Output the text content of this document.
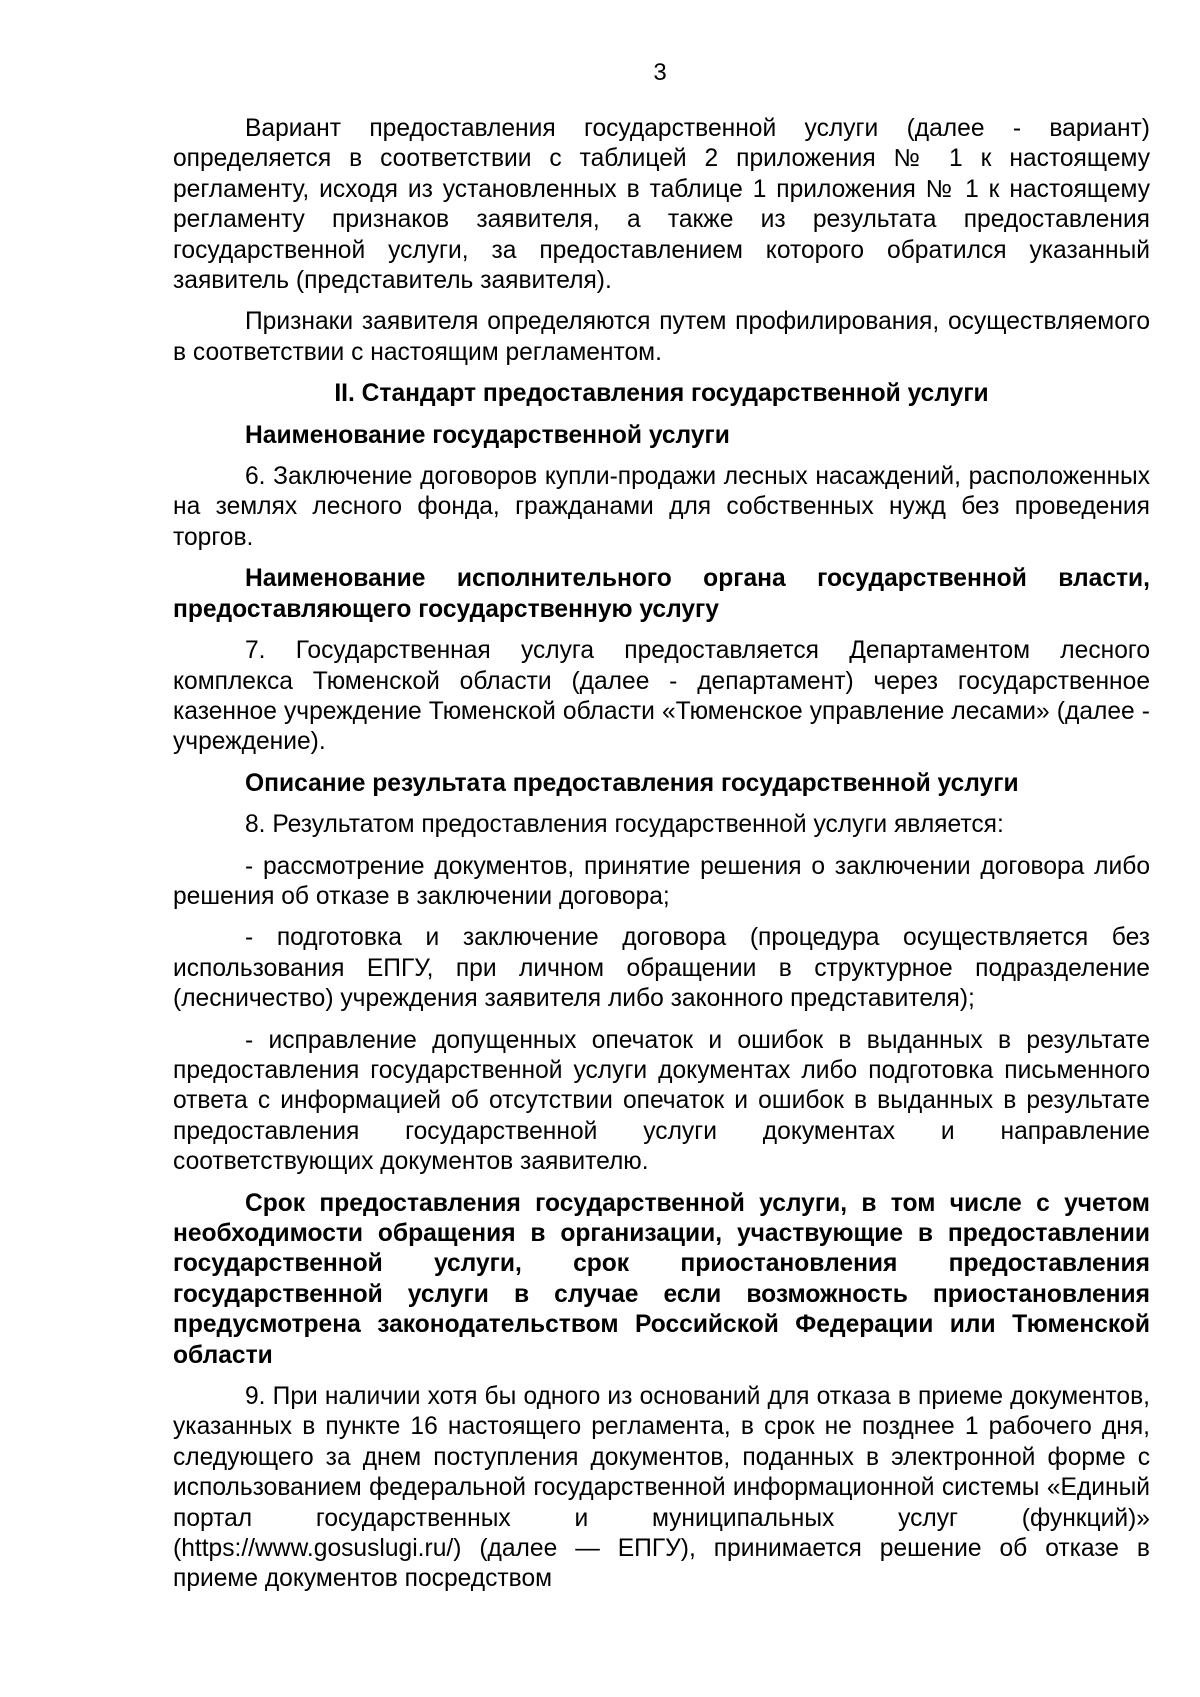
3

Вариант предоставления государственной услуги (далее - вариант) определяется в соответствии с таблицей 2 приложения № 1 к настоящему регламенту, исходя из установленных в таблице 1 приложения № 1 к настоящему регламенту признаков заявителя, а также из результата предоставления государственной услуги, за предоставлением которого обратился указанный заявитель (представитель заявителя).

Признаки заявителя определяются путем профилирования, осуществляемого в соответствии с настоящим регламентом.

II. Стандарт предоставления государственной услуги

Наименование государственной услуги

6. Заключение договоров купли-продажи лесных насаждений, расположенных на землях лесного фонда, гражданами для собственных нужд без проведения торгов.

Наименование исполнительного органа государственной власти, предоставляющего государственную услугу

7. Государственная услуга предоставляется Департаментом лесного комплекса Тюменской области (далее - департамент) через государственное казенное учреждение Тюменской области «Тюменское управление лесами» (далее - учреждение).

Описание результата предоставления государственной услуги

8. Результатом предоставления государственной услуги является:

- рассмотрение документов, принятие решения о заключении договора либо решения об отказе в заключении договора;

- подготовка и заключение договора (процедура осуществляется без использования ЕПГУ, при личном обращении в структурное подразделение (лесничество) учреждения заявителя либо законного представителя);

- исправление допущенных опечаток и ошибок в выданных в результате предоставления государственной услуги документах либо подготовка письменного ответа с информацией об отсутствии опечаток и ошибок в выданных в результате предоставления государственной услуги документах и направление соответствующих документов заявителю.

Срок предоставления государственной услуги, в том числе с учетом необходимости обращения в организации, участвующие в предоставлении государственной услуги, срок приостановления предоставления государственной услуги в случае если возможность приостановления предусмотрена законодательством Российской Федерации или Тюменской области

9. При наличии хотя бы одного из оснований для отказа в приеме документов, указанных в пункте 16 настоящего регламента, в срок не позднее 1 рабочего дня, следующего за днем поступления документов, поданных в электронной форме с использованием федеральной государственной информационной системы «Единый портал государственных и муниципальных услуг (функций)» (https://www.gosuslugi.ru/) (далее — ЕПГУ), принимается решение об отказе в приеме документов посредством
